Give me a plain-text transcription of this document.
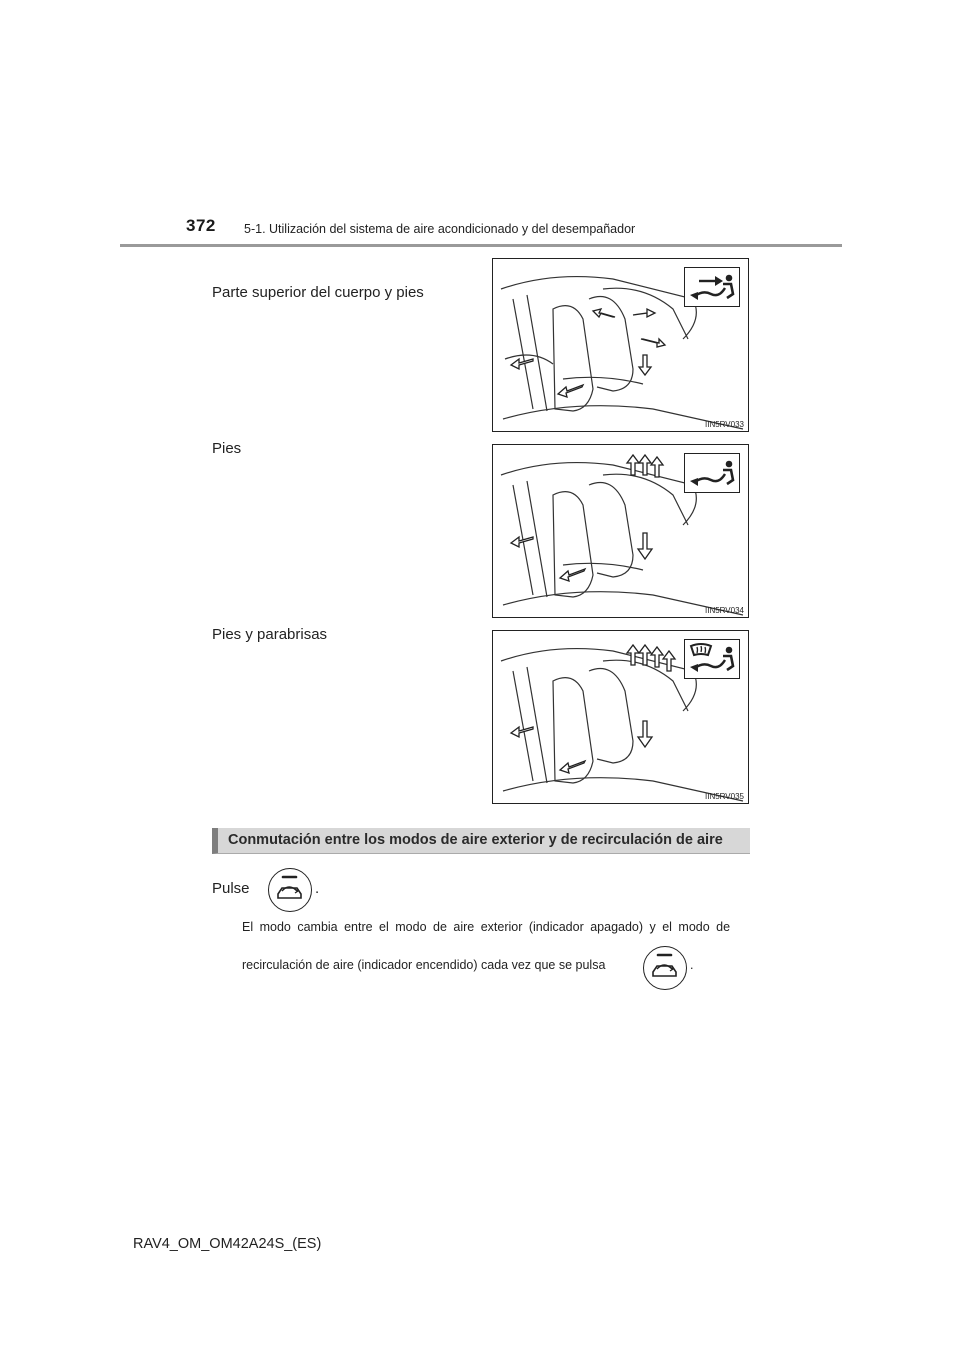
372 5-1. Utilización del sistema de aire acondicionado y del desempañador
Parte superior del cuerpo y pies
IIN5RV033
Pies
IIN5RV034
Pies y parabrisas
IIN5RV035
Conmutación entre los modos de aire exterior y de recirculación de aire
Pulse	.
El modo cambia entre el modo de aire exterior (indicador apagado) y el modo de
recirculación de aire (indicador encendido) cada vez que se pulsa	.
RAV4_OM_OM42A24S_(ES)
